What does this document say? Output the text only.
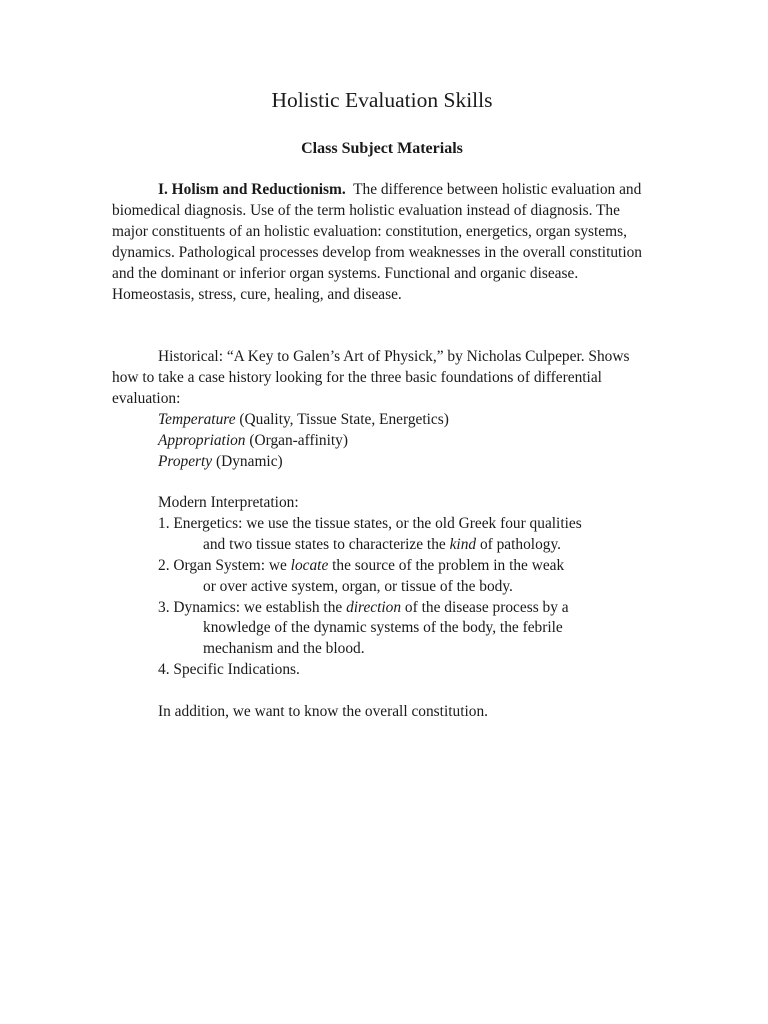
Holistic Evaluation Skills
Class Subject Materials

I. Holism and Reductionism. The difference between holistic evaluation and biomedical diagnosis. Use of the term holistic evaluation instead of diagnosis. The major constituents of an holistic evaluation: constitution, energetics, organ systems, dynamics. Pathological processes develop from weaknesses in the overall constitution and the dominant or inferior organ systems. Functional and organic disease. Homeostasis, stress, cure, healing, and disease.

Historical: “A Key to Galen’s Art of Physick,” by Nicholas Culpeper. Shows how to take a case history looking for the three basic foundations of differential evaluation:
Temperature (Quality, Tissue State, Energetics)
Appropriation (Organ-affinity)
Property (Dynamic)
Modern Interpretation:
1. Energetics: we use the tissue states, or the old Greek four qualities
and two tissue states to characterize the kind of pathology.
2. Organ System: we locate the source of the problem in the weak
or over active system, organ, or tissue of the body.
3. Dynamics: we establish the direction of the disease process by a
knowledge of the dynamic systems of the body, the febrile
mechanism and the blood.
4. Specific Indications.

In addition, we want to know the overall constitution.
